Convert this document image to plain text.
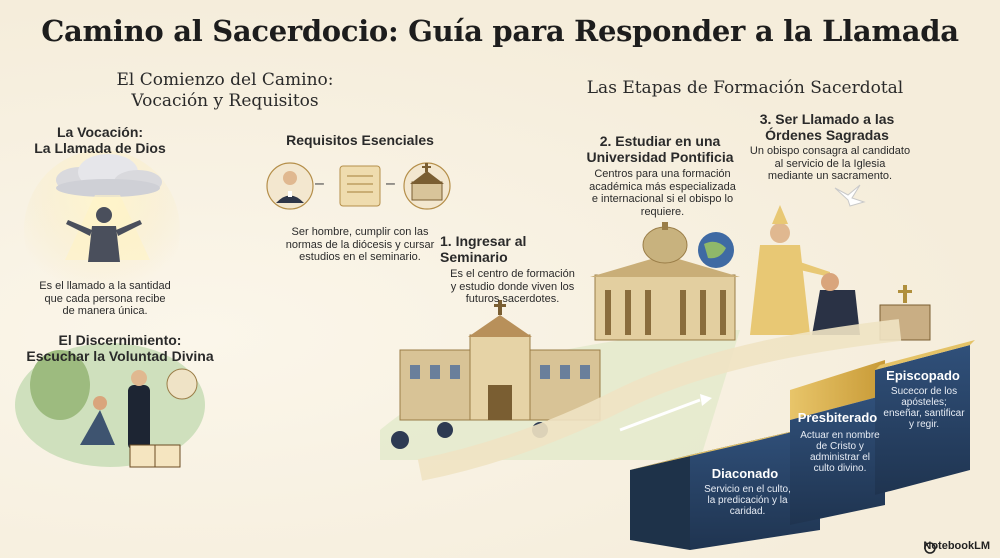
Camino al Sacerdocio: Guía para Responder a la Llamada
El Comienzo del Camino:
Vocación y Requisitos
La Vocación:
La Llamada de Dios
Es el llamado a la santidad
que cada persona recibe
de manera única.
Requisitos Esenciales
–	–
Ser hombre, cumplir con las
normas de la diócesis y cursar
estudios en el seminario.
El Discernimiento:
Escuchar la Voluntad Divina
Las Etapas de Formación Sacerdotal
1. Ingresar al
Seminario
Es el centro de formación
y estudio donde viven los
futuros sacerdotes.
2. Estudiar en una
Universidad Pontificia
Centros para una formación
académica más especializada
e internacional si el obispo lo
requiere.
3. Ser Llamado a las
Órdenes Sagradas
Un obispo consagra al candidato
al servicio de la Iglesia
mediante un sacramento.
Diaconado
Servicio en el culto,
la predicación y la
caridad.
Presbiterado
Actuar en nombre
de Cristo y
administrar el
culto divino.
Episcopado
Sucecor de los
apósteles;
enseñar, santificar
y regir.
NotebookLM
